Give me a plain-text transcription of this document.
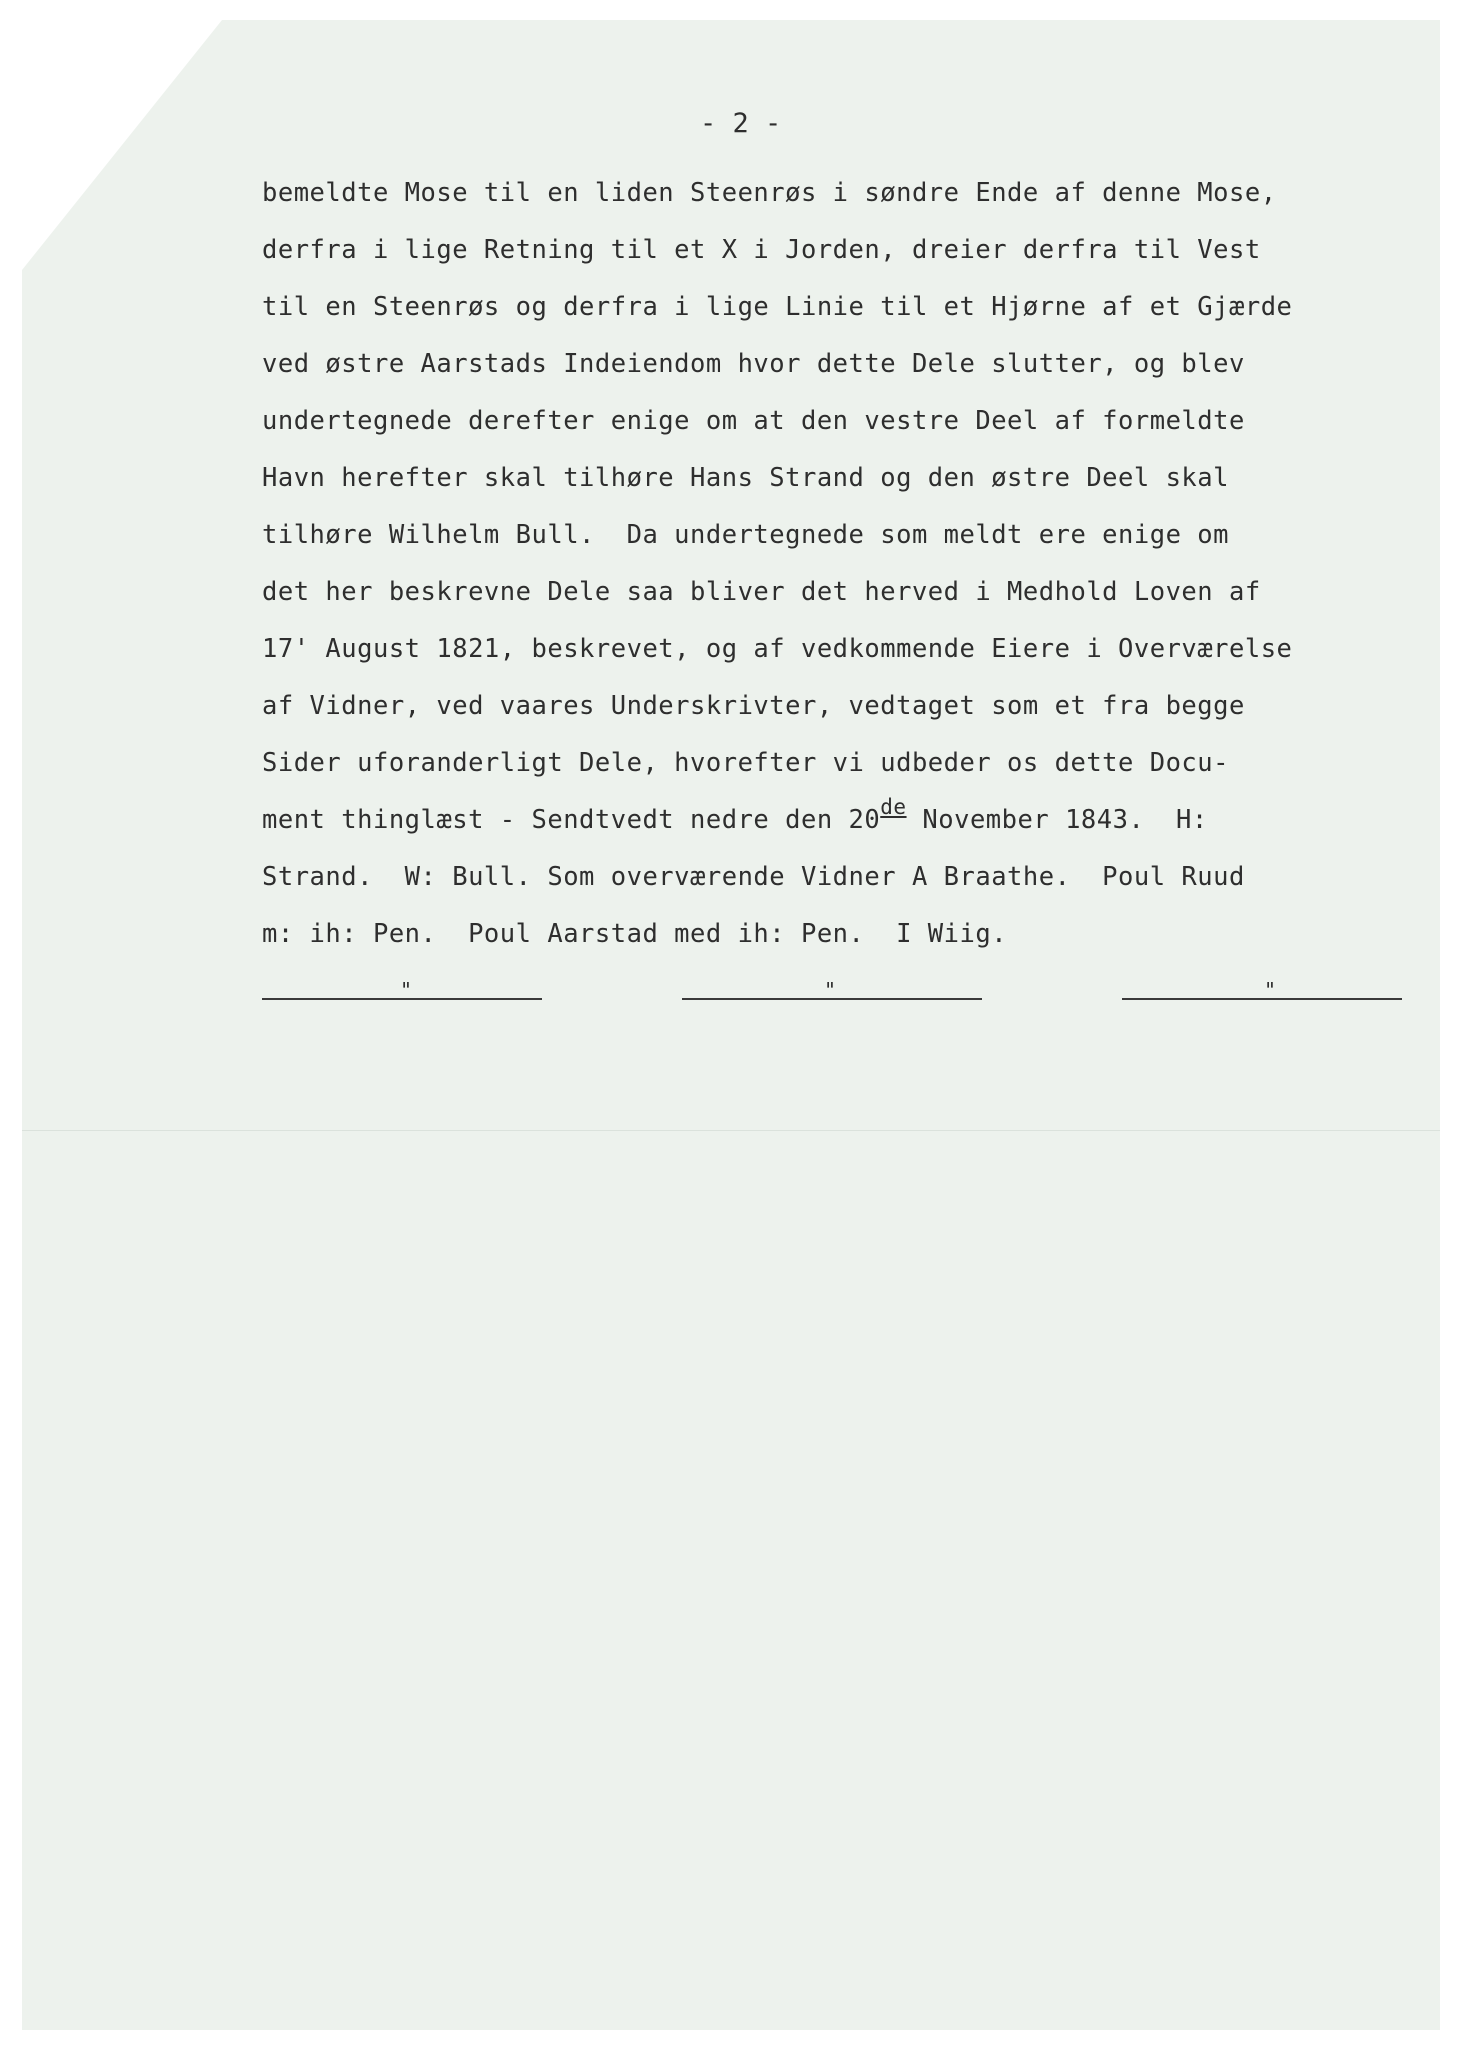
- 2 -
bemeldte Mose til en liden Steenrøs i søndre Ende af denne Mose,
derfra i lige Retning til et X i Jorden, dreier derfra til Vest
til en Steenrøs og derfra i lige Linie til et Hjørne af et Gjærde
ved østre Aarstads Indeiendom hvor dette Dele slutter, og blev
undertegnede derefter enige om at den vestre Deel af formeldte
Havn herefter skal tilhøre Hans Strand og den østre Deel skal
tilhøre Wilhelm Bull.  Da undertegnede som meldt ere enige om
det her beskrevne Dele saa bliver det herved i Medhold Loven af
17' August 1821, beskrevet, og af vedkommende Eiere i Overværelse
af Vidner, ved vaares Underskrivter, vedtaget som et fra begge
Sider uforanderligt Dele, hvorefter vi udbeder os dette Docu-
ment thinglæst - Sendtvedt nedre den 20de November 1843.  H:
Strand.  W: Bull. Som overværende Vidner A Braathe.  Poul Ruud
m: ih: Pen.  Poul Aarstad med ih: Pen.  I Wiig.
"	"	"
